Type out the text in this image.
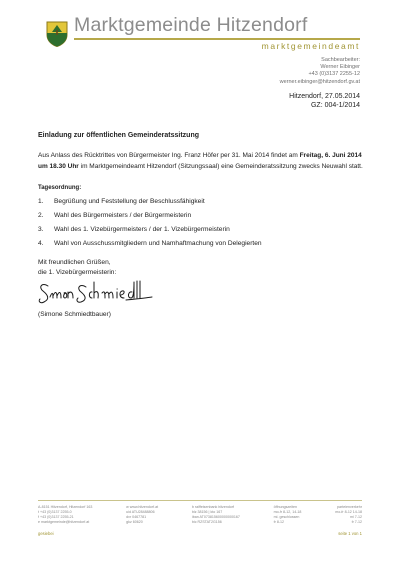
Marktgemeinde Hitzendorf
marktgemeindeamt
Sachbearbeiter:
Werner Eibinger
+43 (0)3137 2255-12
werner.eibinger@hitzendorf.gv.at
Hitzendorf, 27.05.2014
GZ: 004-1/2014
Einladung zur öffentlichen Gemeinderatssitzung
Aus Anlass des Rücktrittes von Bürgermeister Ing. Franz Höfer per 31. Mai 2014 findet am Freitag, 6. Juni 2014 um 18.30 Uhr im Marktgemeindeamt Hitzendorf (Sitzungssaal) eine Gemeinderatssitzung zwecks Neuwahl statt.
Tagesordnung:
1.	Begrüßung und Feststellung der Beschlussfähigkeit
2.	Wahl des Bürgermeisters / der Bürgermeisterin
3.	Wahl des 1. Vizebürgermeisters / der 1. Vizebürgermeisterin
4.	Wahl von Ausschussmitgliedern und Namhaftmachung von Delegierten
Mit freundlichen Grüßen,
die 1. Vizebürgermeisterin:
(Simone Schmiedtbauer)
A-8151 Hitzendorf, Hitzendorf 163
t +43 (0)3137 2255-0
f +43 (0)3137 2255-21
e marktgemeinde@hitzendorf.at
w www.hitzendorf.at
uid ATU28488806
dvr 0467781
gkz 60620
b raiffeisenbank hitzendorf
blz 38156 | kto 167
iban AT073815600000000167
bic RZSTAT2G156
öffnungszeiten
mo-fr 8-12, 14-18
mi. geschlossen
fr 8-12
parteienverkehr
mo-fr 8-12 14-18
mi 7-12
fr 7-12
gesiebei	seite 1 von 1
